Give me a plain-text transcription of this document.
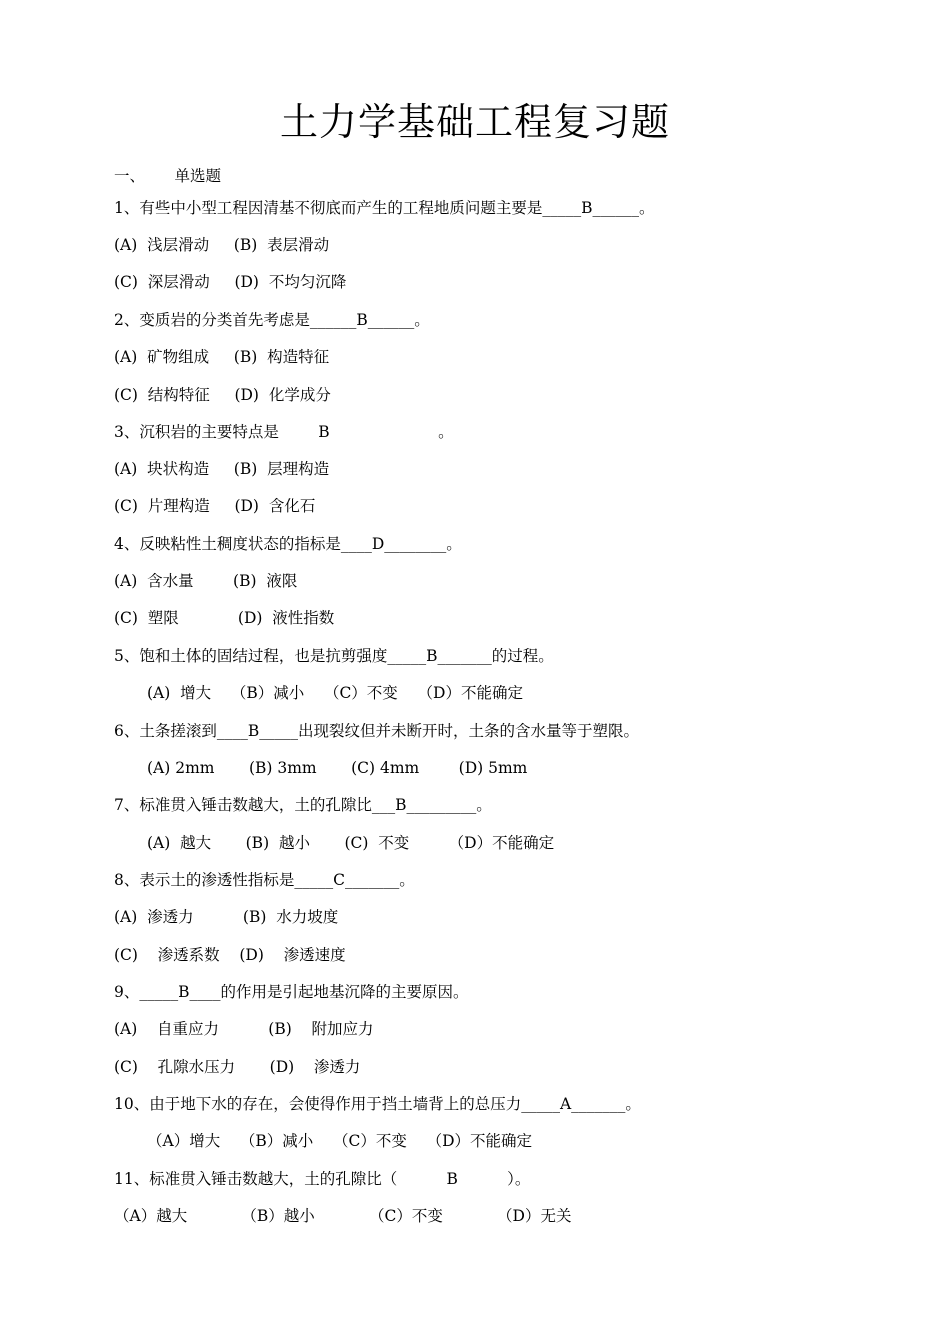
土力学基础工程复习题
一、      单选题
1、有些中小型工程因清基不彻底而产生的工程地质问题主要是_____B______。
(A)  浅层滑动     (B)  表层滑动
(C)  深层滑动     (D)  不均匀沉降
2、变质岩的分类首先考虑是______B______。
(A)  矿物组成     (B)  构造特征
(C)  结构特征     (D)  化学成分
3、沉积岩的主要特点是        B                      。
(A)  块状构造     (B)  层理构造
(C)  片理构造     (D)  含化石
4、反映粘性土稠度状态的指标是____D________。
(A)  含水量        (B)  液限
(C)  塑限            (D)  液性指数
5、饱和土体的固结过程，也是抗剪强度_____B_______的过程。
(A)  增大    （B）减小    （C）不变    （D）不能确定
6、土条搓滚到____B_____出现裂纹但并未断开时，土条的含水量等于塑限。
(A) 2mm       (B) 3mm       (C) 4mm        (D) 5mm
7、标准贯入锤击数越大，土的孔隙比___B_________。
(A)  越大       (B)  越小       (C)  不变        （D）不能确定
8、表示土的渗透性指标是_____C_______。
(A)  渗透力          (B)  水力坡度
(C)    渗透系数    (D)    渗透速度
9、_____B____的作用是引起地基沉降的主要原因。
(A)    自重应力          (B)    附加应力
(C)    孔隙水压力       (D)    渗透力
10、由于地下水的存在，会使得作用于挡土墙背上的总压力_____A_______。
（A）增大    （B）减小    （C）不变    （D）不能确定
11、标准贯入锤击数越大，土的孔隙比（          B          ）。
（A）越大           （B）越小           （C）不变           （D）无关
